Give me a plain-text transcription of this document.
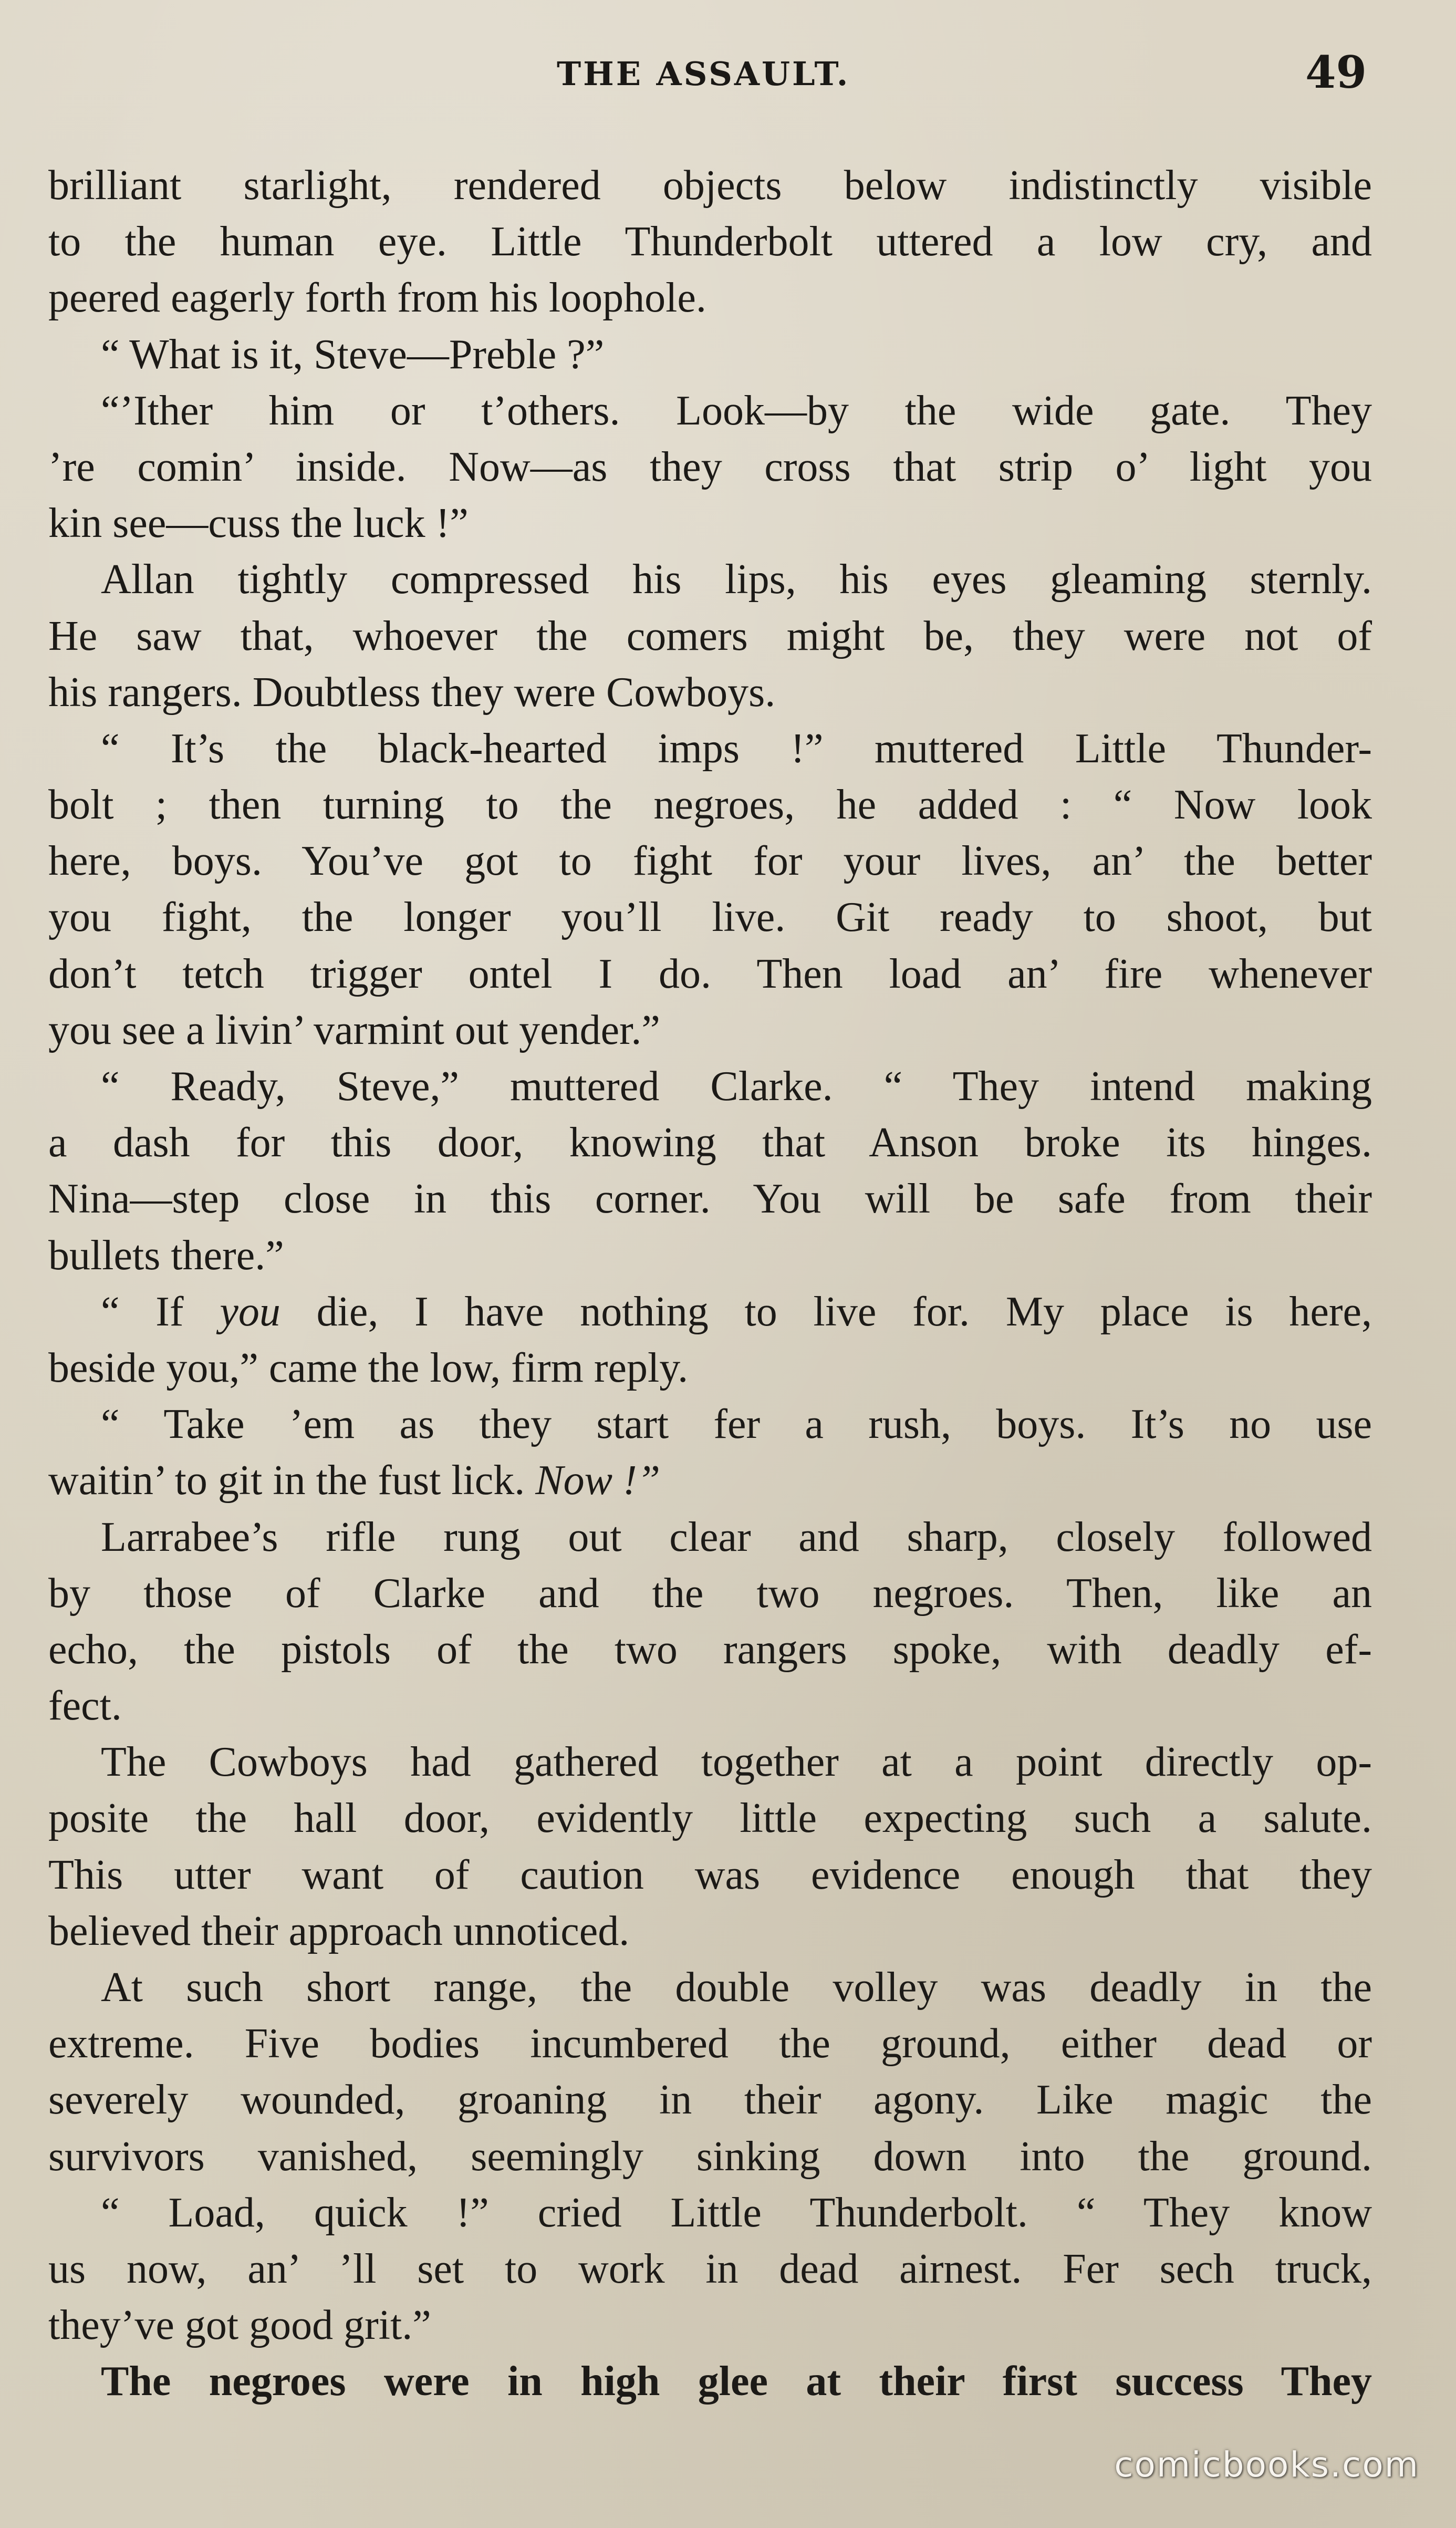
THE ASSAULT.	49
brilliant starlight, rendered objects below indistinctly visible
to the human eye. Little Thunderbolt uttered a low cry, and
peered eagerly forth from his loophole.
“ What is it, Steve—Preble ?”
“’Ither him or t’others. Look—by the wide gate. They
’re comin’ inside. Now—as they cross that strip o’ light you
kin see—cuss the luck !”
Allan tightly compressed his lips, his eyes gleaming sternly.
He saw that, whoever the comers might be, they were not of
his rangers. Doubtless they were Cowboys.
“ It’s the black-hearted imps !” muttered Little Thunder-
bolt ; then turning to the negroes, he added : “ Now look
here, boys. You’ve got to fight for your lives, an’ the better
you fight, the longer you’ll live. Git ready to shoot, but
don’t tetch trigger ontel I do. Then load an’ fire whenever
you see a livin’ varmint out yender.”
“ Ready, Steve,” muttered Clarke. “ They intend making
a dash for this door, knowing that Anson broke its hinges.
Nina—step close in this corner. You will be safe from their
bullets there.”
“ If you die, I have nothing to live for. My place is here,
beside you,” came the low, firm reply.
“ Take ’em as they start fer a rush, boys. It’s no use
waitin’ to git in the fust lick. Now !”
Larrabee’s rifle rung out clear and sharp, closely followed
by those of Clarke and the two negroes. Then, like an
echo, the pistols of the two rangers spoke, with deadly ef-
fect.
The Cowboys had gathered together at a point directly op-
posite the hall door, evidently little expecting such a salute.
This utter want of caution was evidence enough that they
believed their approach unnoticed.
At such short range, the double volley was deadly in the
extreme. Five bodies incumbered the ground, either dead or
severely wounded, groaning in their agony. Like magic the
survivors vanished, seemingly sinking down into the ground.
“ Load, quick !” cried Little Thunderbolt. “ They know
us now, an’ ’ll set to work in dead airnest. Fer sech truck,
they’ve got good grit.”
The negroes were in high glee at their first success They
comicbooks.com
